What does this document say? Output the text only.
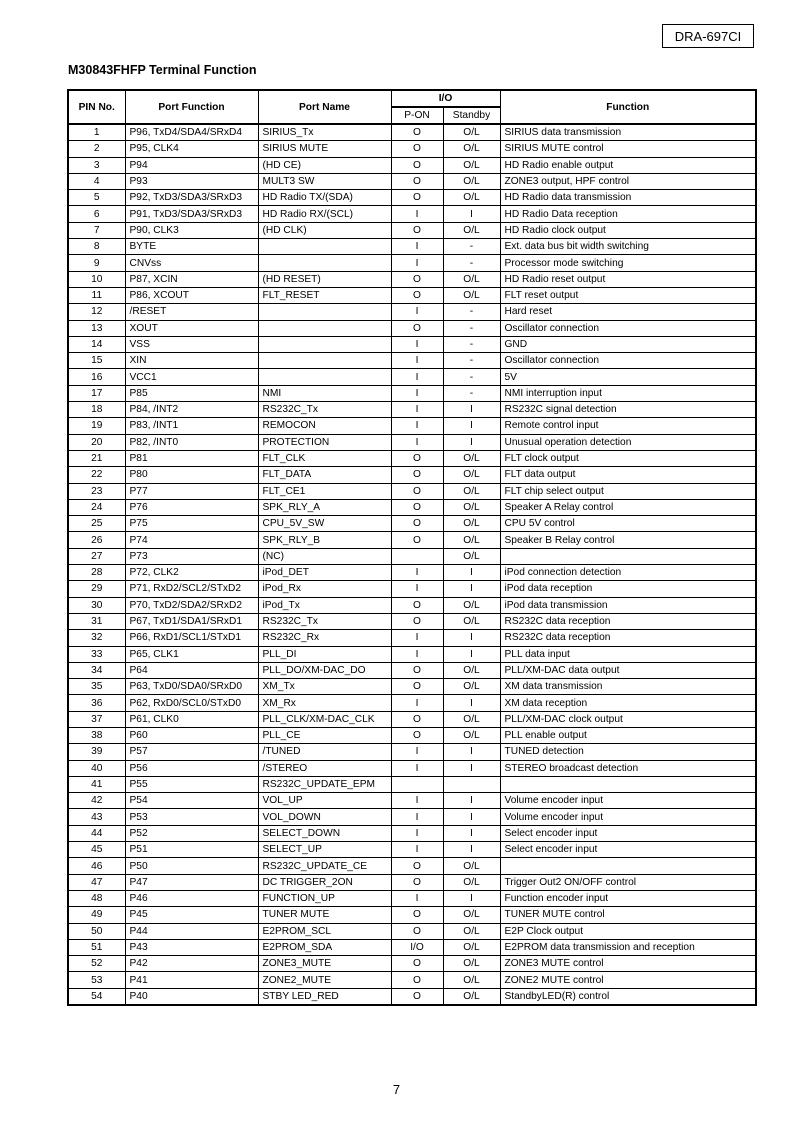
DRA-697CI
M30843FHFP Terminal Function
PIN No.	Port Function	Port Name	I/O		Function
			P-ON	Standby	
1	P96, TxD4/SDA4/SRxD4	SIRIUS_Tx	O	O/L	SIRIUS data transmission
2	P95, CLK4	SIRIUS MUTE	O	O/L	SIRIUS MUTE control
3	P94	(HD CE)	O	O/L	HD Radio enable output
4	P93	MULT3 SW	O	O/L	ZONE3 output, HPF control
5	P92, TxD3/SDA3/SRxD3	HD Radio TX/(SDA)	O	O/L	HD Radio data transmission
6	P91, TxD3/SDA3/SRxD3	HD Radio RX/(SCL)	I	I	HD Radio Data reception
7	P90, CLK3	(HD CLK)	O	O/L	HD Radio clock output
8	BYTE		I	-	Ext. data bus bit width switching
9	CNVss		I	-	Processor mode switching
10	P87, XCIN	(HD RESET)	O	O/L	HD Radio reset output
11	P86, XCOUT	FLT_RESET	O	O/L	FLT reset output
12	/RESET		I	-	Hard reset
13	XOUT		O	-	Oscillator connection
14	VSS		I	-	GND
15	XIN		I	-	Oscillator connection
16	VCC1		I	-	5V
17	P85	NMI	I	-	NMI interruption input
18	P84, /INT2	RS232C_Tx	I	I	RS232C signal detection
19	P83, /INT1	REMOCON	I	I	Remote control input
20	P82, /INT0	PROTECTION	I	I	Unusual operation detection
21	P81	FLT_CLK	O	O/L	FLT clock output
22	P80	FLT_DATA	O	O/L	FLT data output
23	P77	FLT_CE1	O	O/L	FLT chip select output
24	P76	SPK_RLY_A	O	O/L	Speaker A Relay control
25	P75	CPU_5V_SW	O	O/L	CPU 5V control
26	P74	SPK_RLY_B	O	O/L	Speaker B Relay control
27	P73	(NC)		O/L	
28	P72, CLK2	iPod_DET	I	I	iPod connection detection
29	P71, RxD2/SCL2/STxD2	iPod_Rx	I	I	iPod data reception
30	P70, TxD2/SDA2/SRxD2	iPod_Tx	O	O/L	iPod data transmission
31	P67, TxD1/SDA1/SRxD1	RS232C_Tx	O	O/L	RS232C data reception
32	P66, RxD1/SCL1/STxD1	RS232C_Rx	I	I	RS232C data reception
33	P65, CLK1	PLL_DI	I	I	PLL data input
34	P64	PLL_DO/XM-DAC_DO	O	O/L	PLL/XM-DAC data output
35	P63, TxD0/SDA0/SRxD0	XM_Tx	O	O/L	XM data transmission
36	P62, RxD0/SCL0/STxD0	XM_Rx	I	I	XM data reception
37	P61, CLK0	PLL_CLK/XM-DAC_CLK	O	O/L	PLL/XM-DAC clock output
38	P60	PLL_CE	O	O/L	PLL enable output
39	P57	/TUNED	I	I	TUNED detection
40	P56	/STEREO	I	I	STEREO broadcast detection
41	P55	RS232C_UPDATE_EPM			
42	P54	VOL_UP	I	I	Volume encoder input
43	P53	VOL_DOWN	I	I	Volume encoder input
44	P52	SELECT_DOWN	I	I	Select encoder input
45	P51	SELECT_UP	I	I	Select encoder input
46	P50	RS232C_UPDATE_CE	O	O/L	
47	P47	DC TRIGGER_2ON	O	O/L	Trigger Out2 ON/OFF control
48	P46	FUNCTION_UP	I	I	Function encoder input
49	P45	TUNER MUTE	O	O/L	TUNER MUTE control
50	P44	E2PROM_SCL	O	O/L	E2P Clock output
51	P43	E2PROM_SDA	I/O	O/L	E2PROM data transmission and reception
52	P42	ZONE3_MUTE	O	O/L	ZONE3 MUTE control
53	P41	ZONE2_MUTE	O	O/L	ZONE2 MUTE control
54	P40	STBY LED_RED	O	O/L	StandbyLED(R) control
7
